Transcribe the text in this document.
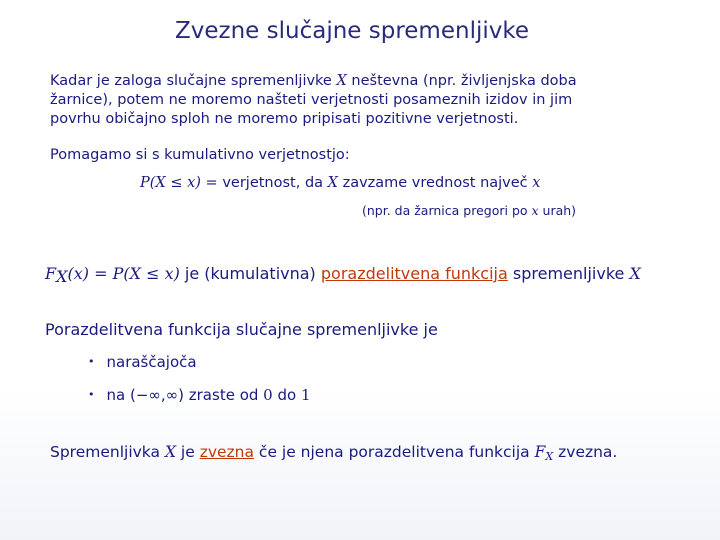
Zvezne slučajne spremenljivke
Kadar je zaloga slučajne spremenljivke X neštevna (npr. življenjska doba
žarnice), potem ne moremo našteti verjetnosti posameznih izidov in jim
povrhu običajno sploh ne moremo pripisati pozitivne verjetnosti.
Pomagamo si s kumulativno verjetnostjo:
P(X ≤ x) = verjetnost, da X zavzame vrednost največ x
(npr. da žarnica pregori po x urah)
$F_X(x) = P(X \le x)$ je (kumulativna) porazdelitvena funkcija spremenljivke X
Porazdelitvena funkcija slučajne spremenljivke je
• naraščajoča
• na (−∞,∞) zraste od 0 do 1
Spremenljivka X je zvezna če je njena porazdelitvena funkcija $F_X$ zvezna.
